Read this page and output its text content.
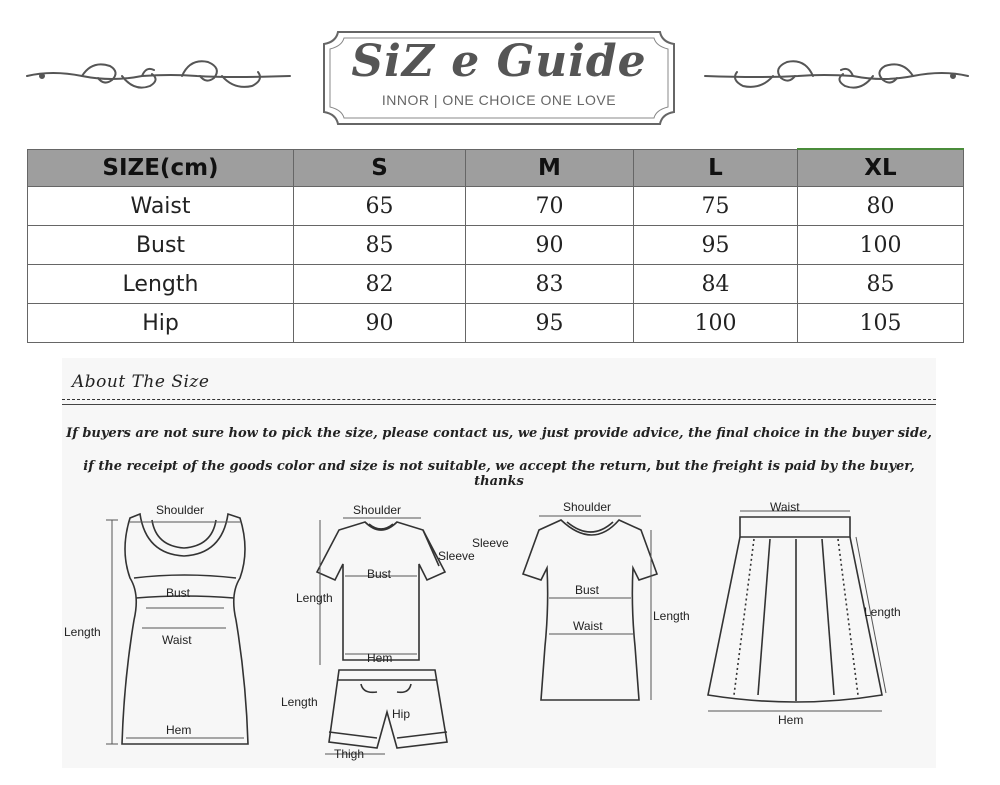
SiZ e Guide
INNOR | ONE CHOICE ONE LOVE
SIZE(cm)	S	M	L	XL
Waist	65	70	75	80
Bust	85	90	95	100
Length	82	83	84	85
Hip	90	95	100	105
About The Size
If buyers are not sure how to pick the size, please contact us, we just provide advice, the final choice in the buyer side,
if the receipt of the goods color and size is not suitable, we accept the return, but the freight is paid by the buyer, thanks
Shoulder
Bust
Waist
Length
Hem
Shoulder
Sleeve
Bust
Length
Hem
Length
Hip
Thigh
Shoulder
Sleeve
Bust
Waist
Length
Waist
Length
Hem
